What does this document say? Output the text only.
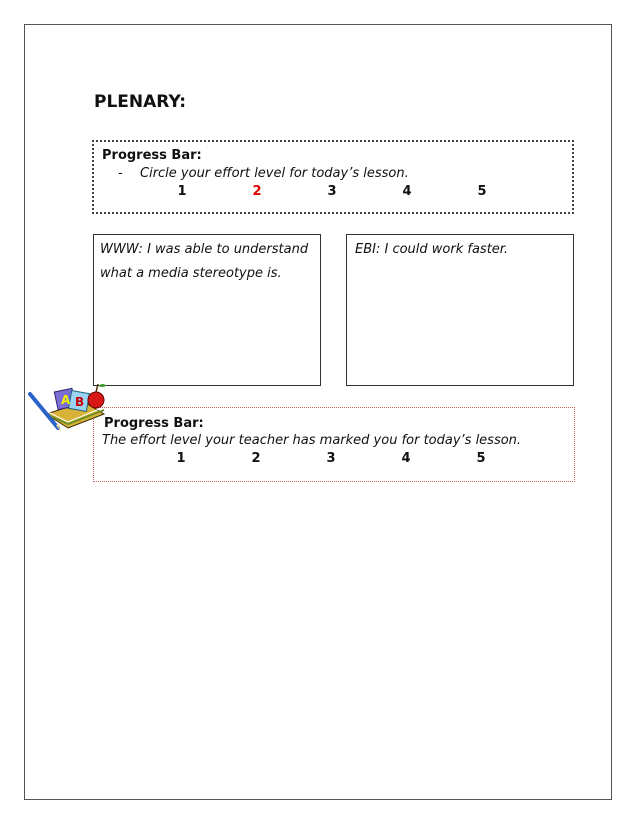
PLENARY:
Progress Bar:
- Circle your effort level for today’s lesson.
1	2	3	4	5
WWW: I was able to understand what a media stereotype is.
EBI: I could work faster.
Progress Bar:
The effort level your teacher has marked you for today’s lesson.
1	2	3	4	5
A B
